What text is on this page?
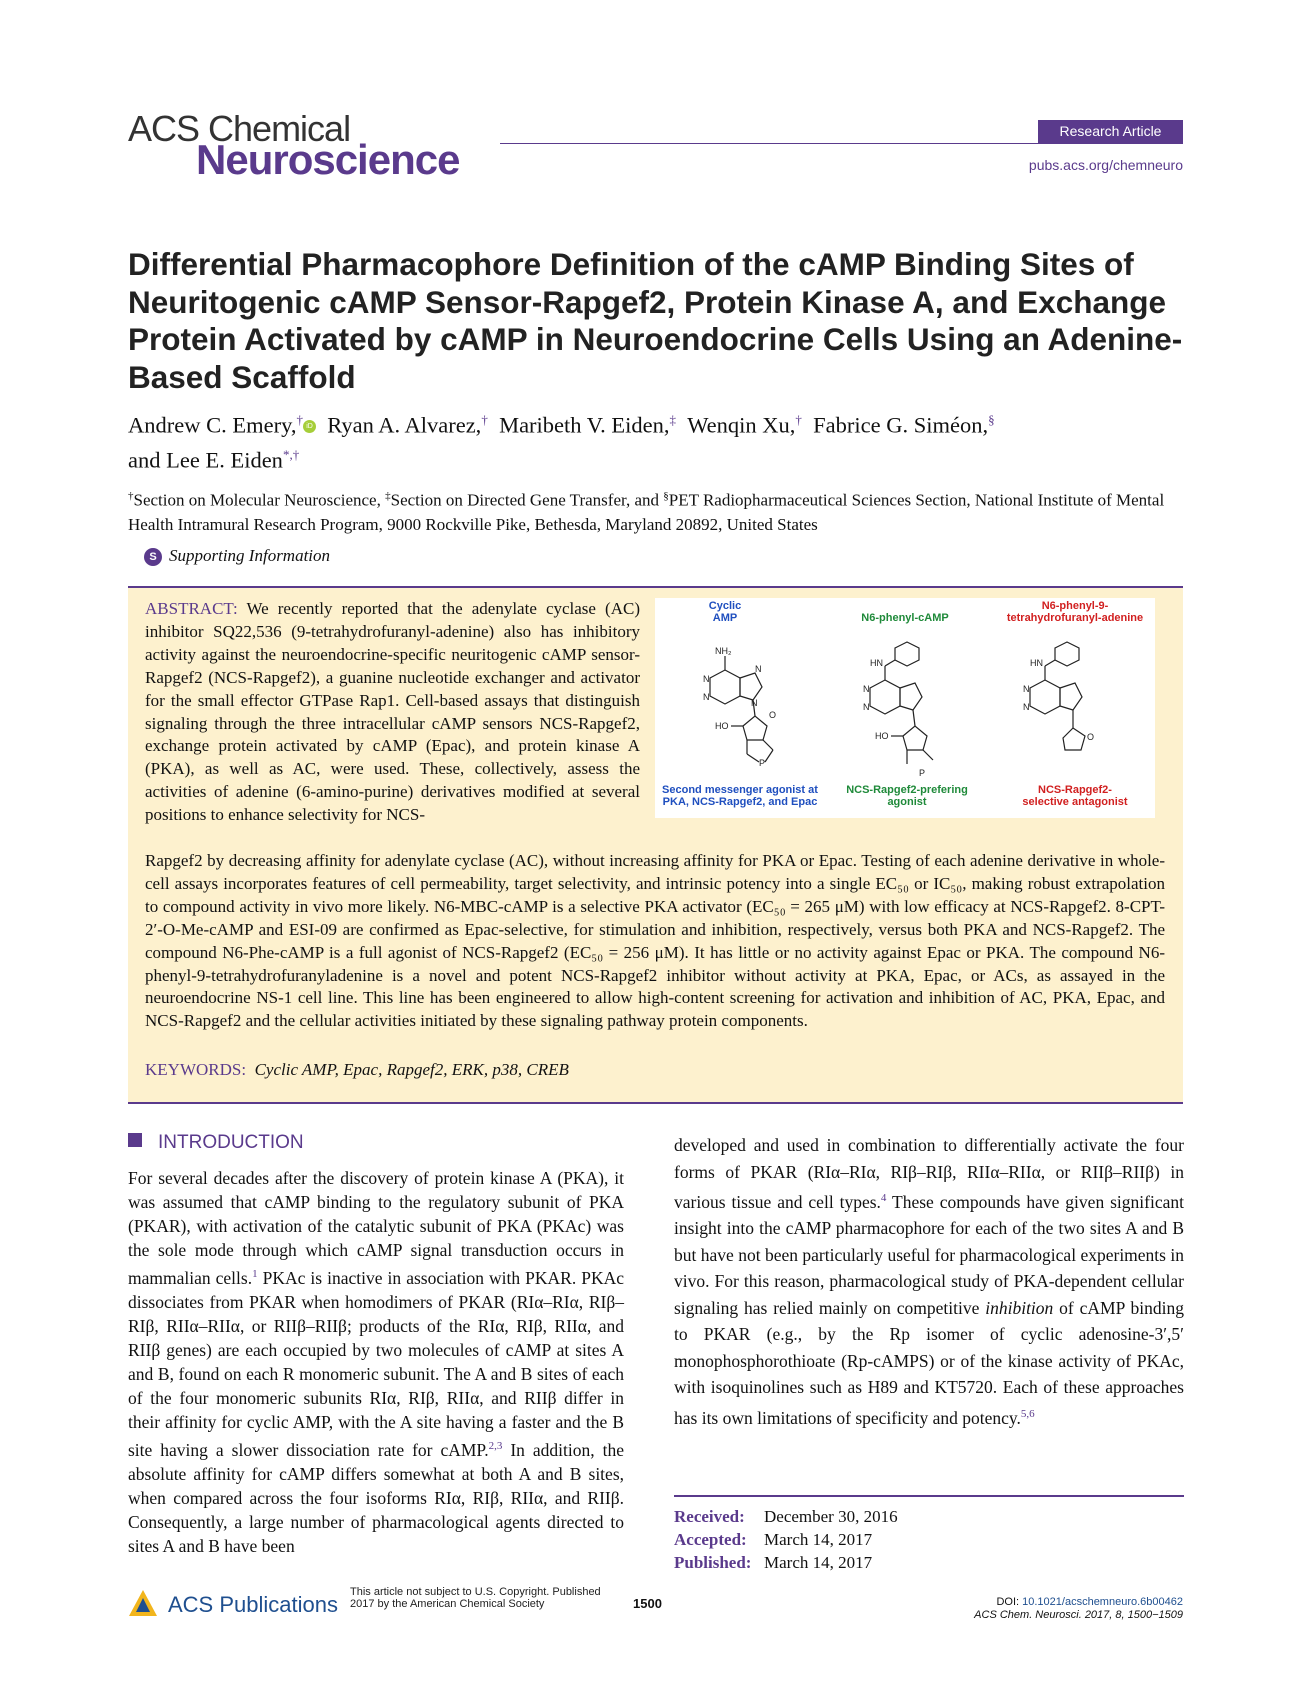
ACS Chemical
Neuroscience
Research Article
pubs.acs.org/chemneuro
Differential Pharmacophore Definition of the cAMP Binding Sites of Neuritogenic cAMP Sensor-Rapgef2, Protein Kinase A, and Exchange Protein Activated by cAMP in Neuroendocrine Cells Using an Adenine-Based Scaffold
Andrew C. Emery,† iD Ryan A. Alvarez,† Maribeth V. Eiden,‡ Wenqin Xu,† Fabrice G. Siméon,§
and Lee E. Eiden*,†
†Section on Molecular Neuroscience, ‡Section on Directed Gene Transfer, and §PET Radiopharmaceutical Sciences Section, National Institute of Mental Health Intramural Research Program, 9000 Rockville Pike, Bethesda, Maryland 20892, United States
S Supporting Information
ABSTRACT: We recently reported that the adenylate cyclase (AC) inhibitor SQ22,536 (9-tetrahydrofuranyl-adenine) also has inhibitory activity against the neuroendocrine-specific neuritogenic cAMP sensor-Rapgef2 (NCS-Rapgef2), a guanine nucleotide exchanger and activator for the small effector GTPase Rap1. Cell-based assays that distinguish signaling through the three intracellular cAMP sensors NCS-Rapgef2, exchange protein activated by cAMP (Epac), and protein kinase A (PKA), as well as AC, were used. These, collectively, assess the activities of adenine (6-amino-purine) derivatives modified at several positions to enhance selectivity for NCS-
Rapgef2 by decreasing affinity for adenylate cyclase (AC), without increasing affinity for PKA or Epac. Testing of each adenine derivative in whole-cell assays incorporates features of cell permeability, target selectivity, and intrinsic potency into a single EC₅₀ or IC₅₀, making robust extrapolation to compound activity in vivo more likely. N6-MBC-cAMP is a selective PKA activator (EC₅₀ = 265 μM) with low efficacy at NCS-Rapgef2. 8-CPT-2′-O-Me-cAMP and ESI-09 are confirmed as Epac-selective, for stimulation and inhibition, respectively, versus both PKA and NCS-Rapgef2. The compound N6-Phe-cAMP is a full agonist of NCS-Rapgef2 (EC₅₀ = 256 μM). It has little or no activity against Epac or PKA. The compound N6-phenyl-9-tetrahydrofuranyladenine is a novel and potent NCS-Rapgef2 inhibitor without activity at PKA, Epac, or ACs, as assayed in the neuroendocrine NS-1 cell line. This line has been engineered to allow high-content screening for activation and inhibition of AC, PKA, Epac, and NCS-Rapgef2 and the cellular activities initiated by these signaling pathway protein components.
KEYWORDS: Cyclic AMP, Epac, Rapgef2, ERK, p38, CREB
Cyclic
AMP	N6-phenyl-cAMP
N6-phenyl-9-
tetrahydrofuranyl-adenine
NH₂
N
N
N
N
HO
P
O
HN
N
N
HO
P
HN
N
N
O
Second messenger agonist at
PKA, NCS-Rapgef2, and Epac
NCS-Rapgef2-prefering
agonist
NCS-Rapgef2-
selective antagonist
INTRODUCTION
For several decades after the discovery of protein kinase A (PKA), it was assumed that cAMP binding to the regulatory subunit of PKA (PKAR), with activation of the catalytic subunit of PKA (PKAc) was the sole mode through which cAMP signal transduction occurs in mammalian cells.$^1$ PKAc is inactive in association with PKAR. PKAc dissociates from PKAR when homodimers of PKAR (RIα–RIα, RIβ–RIβ, RIIα–RIIα, or RIIβ–RIIβ; products of the RIα, RIβ, RIIα, and RIIβ genes) are each occupied by two molecules of cAMP at sites A and B, found on each R monomeric subunit. The A and B sites of each of the four monomeric subunits RIα, RIβ, RIIα, and RIIβ differ in their affinity for cyclic AMP, with the A site having a faster and the B site having a slower dissociation rate for cAMP.$^{2,3}$ In addition, the absolute affinity for cAMP differs somewhat at both A and B sites, when compared across the four isoforms RIα, RIβ, RIIα, and RIIβ. Consequently, a large number of pharmacological agents directed to sites A and B have been
developed and used in combination to differentially activate the four forms of PKAR (RIα–RIα, RIβ–RIβ, RIIα–RIIα, or RIIβ–RIIβ) in various tissue and cell types.$^4$ These compounds have given significant insight into the cAMP pharmacophore for each of the two sites A and B but have not been particularly useful for pharmacological experiments in vivo. For this reason, pharmacological study of PKA-dependent cellular signaling has relied mainly on competitive inhibition of cAMP binding to PKAR (e.g., by the Rp isomer of cyclic adenosine-3′,5′ monophosphorothioate (Rp-cAMPS) or of the kinase activity of PKAc, with isoquinolines such as H89 and KT5720. Each of these approaches has its own limitations of specificity and potency.$^{5,6}$
Received: December 30, 2016
Accepted: March 14, 2017
Published: March 14, 2017
ACS Publications This article not subject to U.S. Copyright. Published 2017 by the American Chemical Society	1500	DOI: 10.1021/acschemneuro.6b00462
ACS Chem. Neurosci. 2017, 8, 1500−1509
